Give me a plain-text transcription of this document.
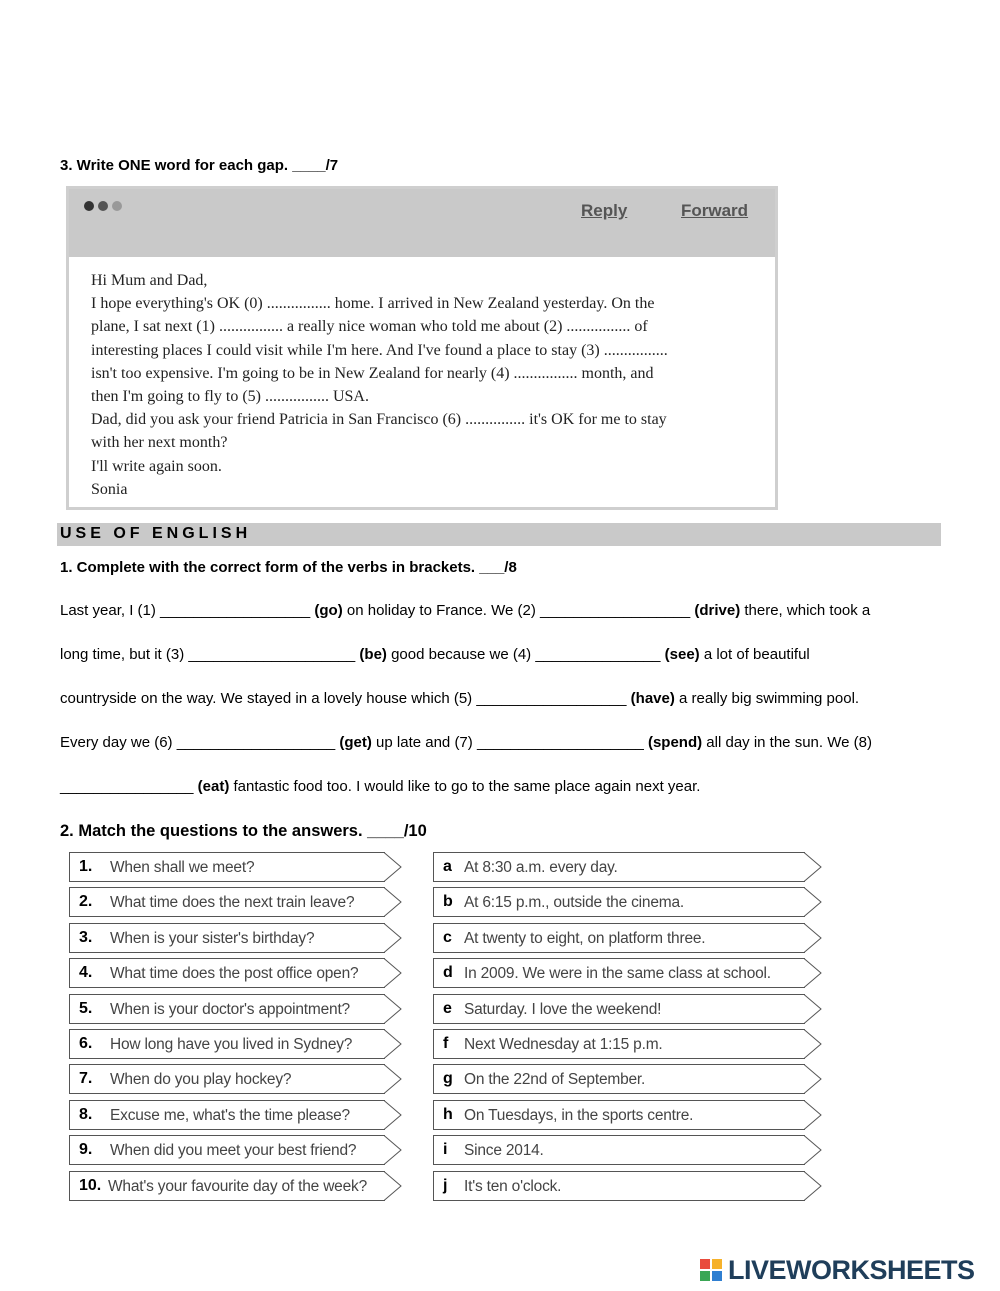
3. Write ONE word for each gap. ____/7
Reply	Forward
Hi Mum and Dad,
I hope everything's OK (0) ................ home. I arrived in New Zealand yesterday. On the
plane, I sat next (1) ................ a really nice woman who told me about (2) ................ of
interesting places I could visit while I'm here. And I've found a place to stay (3) ................
isn't too expensive. I'm going to be in New Zealand for nearly (4) ................ month, and
then I'm going to fly to (5) ................ USA.
Dad, did you ask your friend Patricia in San Francisco (6) ............... it's OK for me to stay
with her next month?
I'll write again soon.
Sonia
USE OF ENGLISH
1. Complete with the correct form of the verbs in brackets. ___/8
Last year, I (1) __________________ (go) on holiday to France. We (2) __________________ (drive) there, which took a
long time, but it (3) ____________________ (be) good because we (4) _______________ (see) a lot of beautiful
countryside on the way. We stayed in a lovely house which (5) __________________ (have) a really big swimming pool.
Every day we (6) ___________________ (get) up late and (7) ____________________ (spend) all day in the sun. We (8)
________________ (eat) fantastic food too. I would like to go to the same place again next year.
2. Match the questions to the answers. ____/10
1. When shall we meet?
2. What time does the next train leave?
3. When is your sister's birthday?
4. What time does the post office open?
5. When is your doctor's appointment?
6. How long have you lived in Sydney?
7. When do you play hockey?
8. Excuse me, what's the time please?
9. When did you meet your best friend?
10. What's your favourite day of the week?
a At 8:30 a.m. every day.
b At 6:15 p.m., outside the cinema.
c At twenty to eight, on platform three.
d In 2009. We were in the same class at school.
e Saturday. I love the weekend!
f Next Wednesday at 1:15 p.m.
g On the 22nd of September.
h On Tuesdays, in the sports centre.
i Since 2014.
j It's ten o'clock.
LIVEWORKSHEETS
